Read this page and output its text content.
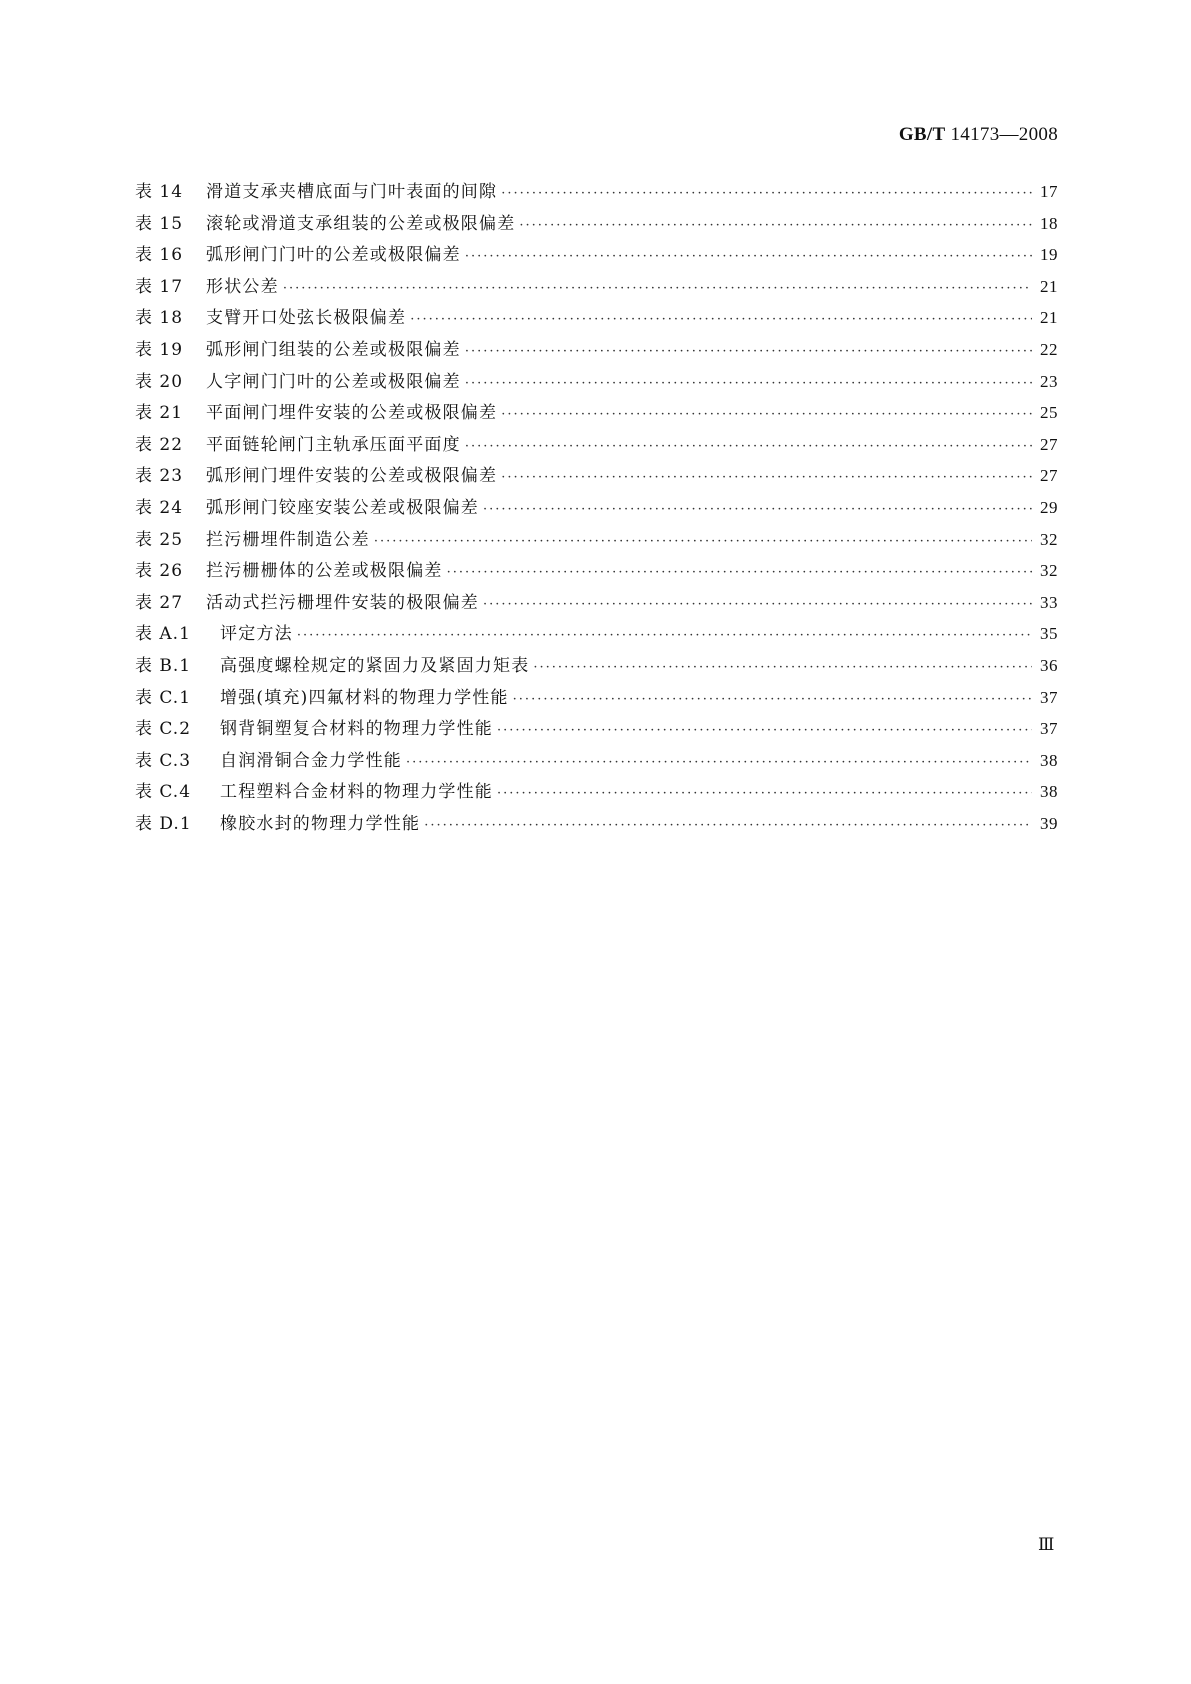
GB/T 14173—2008
表 14	滑道支承夹槽底面与门叶表面的间隙 ·····	17
表 15	滚轮或滑道支承组装的公差或极限偏差 ·····	18
表 16	弧形闸门门叶的公差或极限偏差 ·····	19
表 17	形状公差 ·····	21
表 18	支臂开口处弦长极限偏差 ·····	21
表 19	弧形闸门组装的公差或极限偏差 ·····	22
表 20	人字闸门门叶的公差或极限偏差 ·····	23
表 21	平面闸门埋件安装的公差或极限偏差 ·····	25
表 22	平面链轮闸门主轨承压面平面度 ·····	27
表 23	弧形闸门埋件安装的公差或极限偏差 ·····	27
表 24	弧形闸门铰座安装公差或极限偏差 ·····	29
表 25	拦污栅埋件制造公差 ·····	32
表 26	拦污栅栅体的公差或极限偏差 ·····	32
表 27	活动式拦污栅埋件安装的极限偏差 ·····	33
表 A.1	评定方法 ·····	35
表 B.1	高强度螺栓规定的紧固力及紧固力矩表 ·····	36
表 C.1	增强(填充)四氟材料的物理力学性能 ·····	37
表 C.2	钢背铜塑复合材料的物理力学性能 ·····	37
表 C.3	自润滑铜合金力学性能 ·····	38
表 C.4	工程塑料合金材料的物理力学性能 ·····	38
表 D.1	橡胶水封的物理力学性能 ·····	39
Ⅲ
